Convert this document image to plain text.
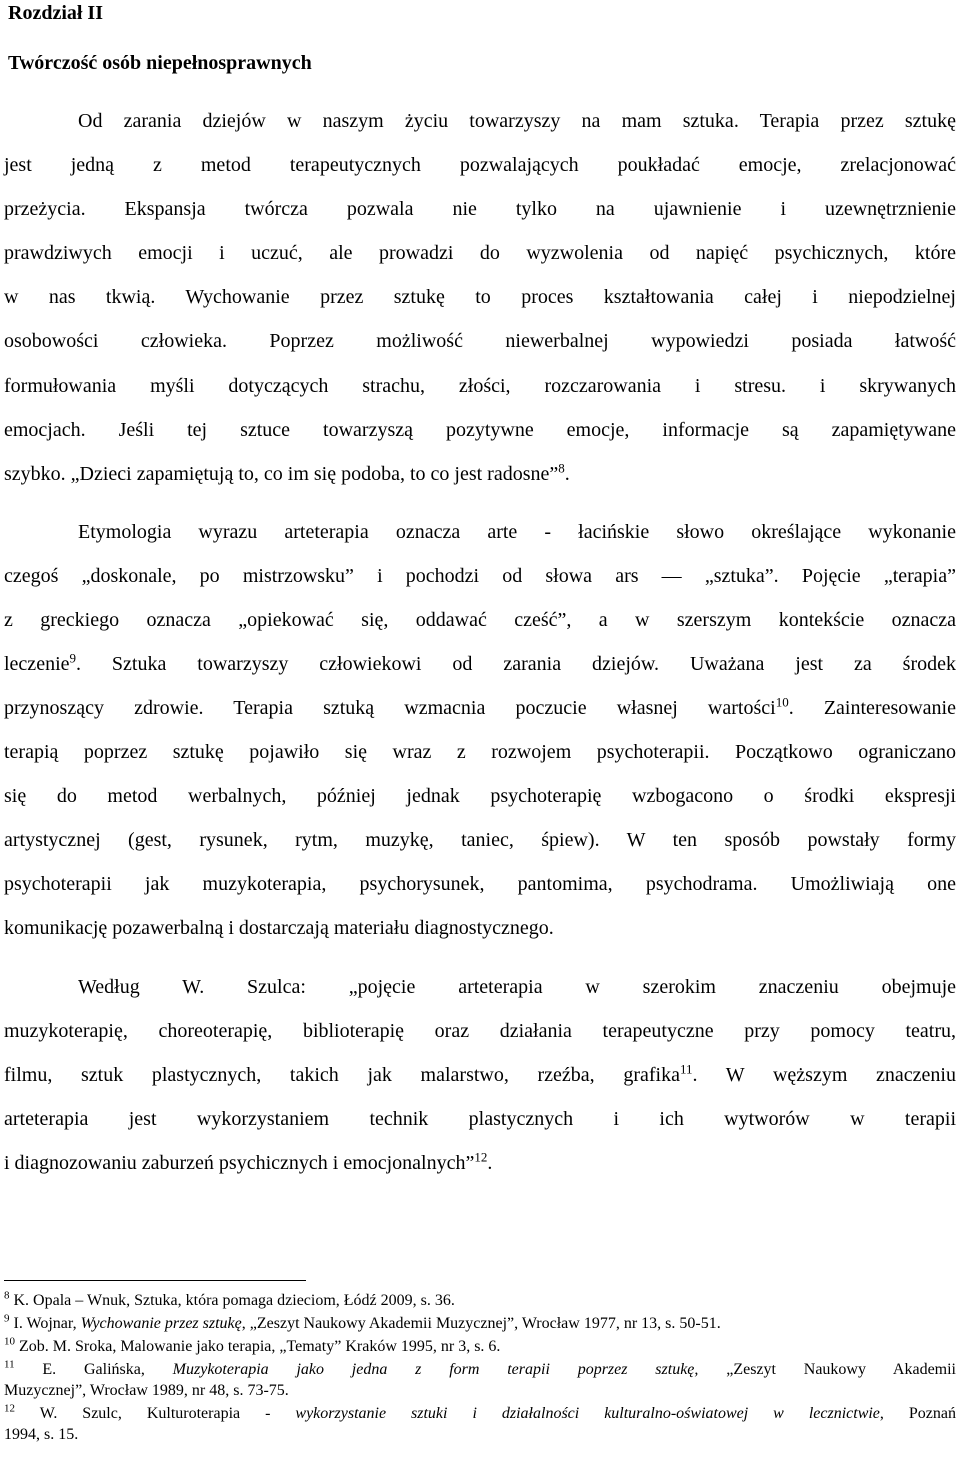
Rozdział II
Twórczość osób niepełnosprawnych
Od zarania dziejów w naszym życiu towarzyszy na mam sztuka. Terapia przez sztukę
jest jedną z metod terapeutycznych pozwalających poukładać emocje, zrelacjonować
przeżycia. Ekspansja twórcza pozwala nie tylko na ujawnienie i uzewnętrznienie
prawdziwych emocji i uczuć, ale prowadzi do wyzwolenia od napięć psychicznych, które
w nas tkwią. Wychowanie przez sztukę to proces kształtowania całej i niepodzielnej
osobowości człowieka. Poprzez możliwość niewerbalnej wypowiedzi posiada łatwość
formułowania myśli dotyczących strachu, złości, rozczarowania i stresu. i skrywanych
emocjach. Jeśli tej sztuce towarzyszą pozytywne emocje, informacje są zapamiętywane
szybko. „Dzieci zapamiętują to, co im się podoba, to co jest radosne”$^8$.
Etymologia wyrazu arteterapia oznacza arte - łacińskie słowo określające wykonanie
czegoś „doskonale, po mistrzowsku” i pochodzi od słowa ars ― „sztuka”. Pojęcie „terapia”
z greckiego oznacza „opiekować się, oddawać cześć”, a w szerszym kontekście oznacza
leczenie$^9$. Sztuka towarzyszy człowiekowi od zarania dziejów. Uważana jest za środek
przynoszący zdrowie. Terapia sztuką wzmacnia poczucie własnej wartości$^{10}$. Zainteresowanie
terapią poprzez sztukę pojawiło się wraz z rozwojem psychoterapii. Początkowo ograniczano
się do metod werbalnych, później jednak psychoterapię wzbogacono o środki ekspresji
artystycznej (gest, rysunek, rytm, muzykę, taniec, śpiew). W ten sposób powstały formy
psychoterapii jak muzykoterapia, psychorysunek, pantomima, psychodrama. Umożliwiają one
komunikację pozawerbalną i dostarczają materiału diagnostycznego.
Według W. Szulca: „pojęcie arteterapia w szerokim znaczeniu obejmuje
muzykoterapię, choreoterapię, biblioterapię oraz działania terapeutyczne przy pomocy teatru,
filmu, sztuk plastycznych, takich jak malarstwo, rzeźba, grafika$^{11}$. W węższym znaczeniu
arteterapia jest wykorzystaniem technik plastycznych i ich wytworów w terapii
i diagnozowaniu zaburzeń psychicznych i emocjonalnych”$^{12}$.
$^8$ K. Opala – Wnuk, Sztuka, która pomaga dzieciom, Łódź 2009, s. 36.
$^9$ I. Wojnar, Wychowanie przez sztukę, „Zeszyt Naukowy Akademii Muzycznej”, Wrocław 1977, nr 13, s. 50-51.
$^{10}$ Zob. M. Sroka, Malowanie jako terapia, „Tematy” Kraków 1995, nr 3, s. 6.
$^{11}$ E. Galińska, Muzykoterapia jako jedna z form terapii poprzez sztukę, „Zeszyt Naukowy Akademii
Muzycznej”, Wrocław 1989, nr 48, s. 73-75.
$^{12}$ W. Szulc, Kulturoterapia - wykorzystanie sztuki i działalności kulturalno-oświatowej w lecznictwie, Poznań
1994, s. 15.
